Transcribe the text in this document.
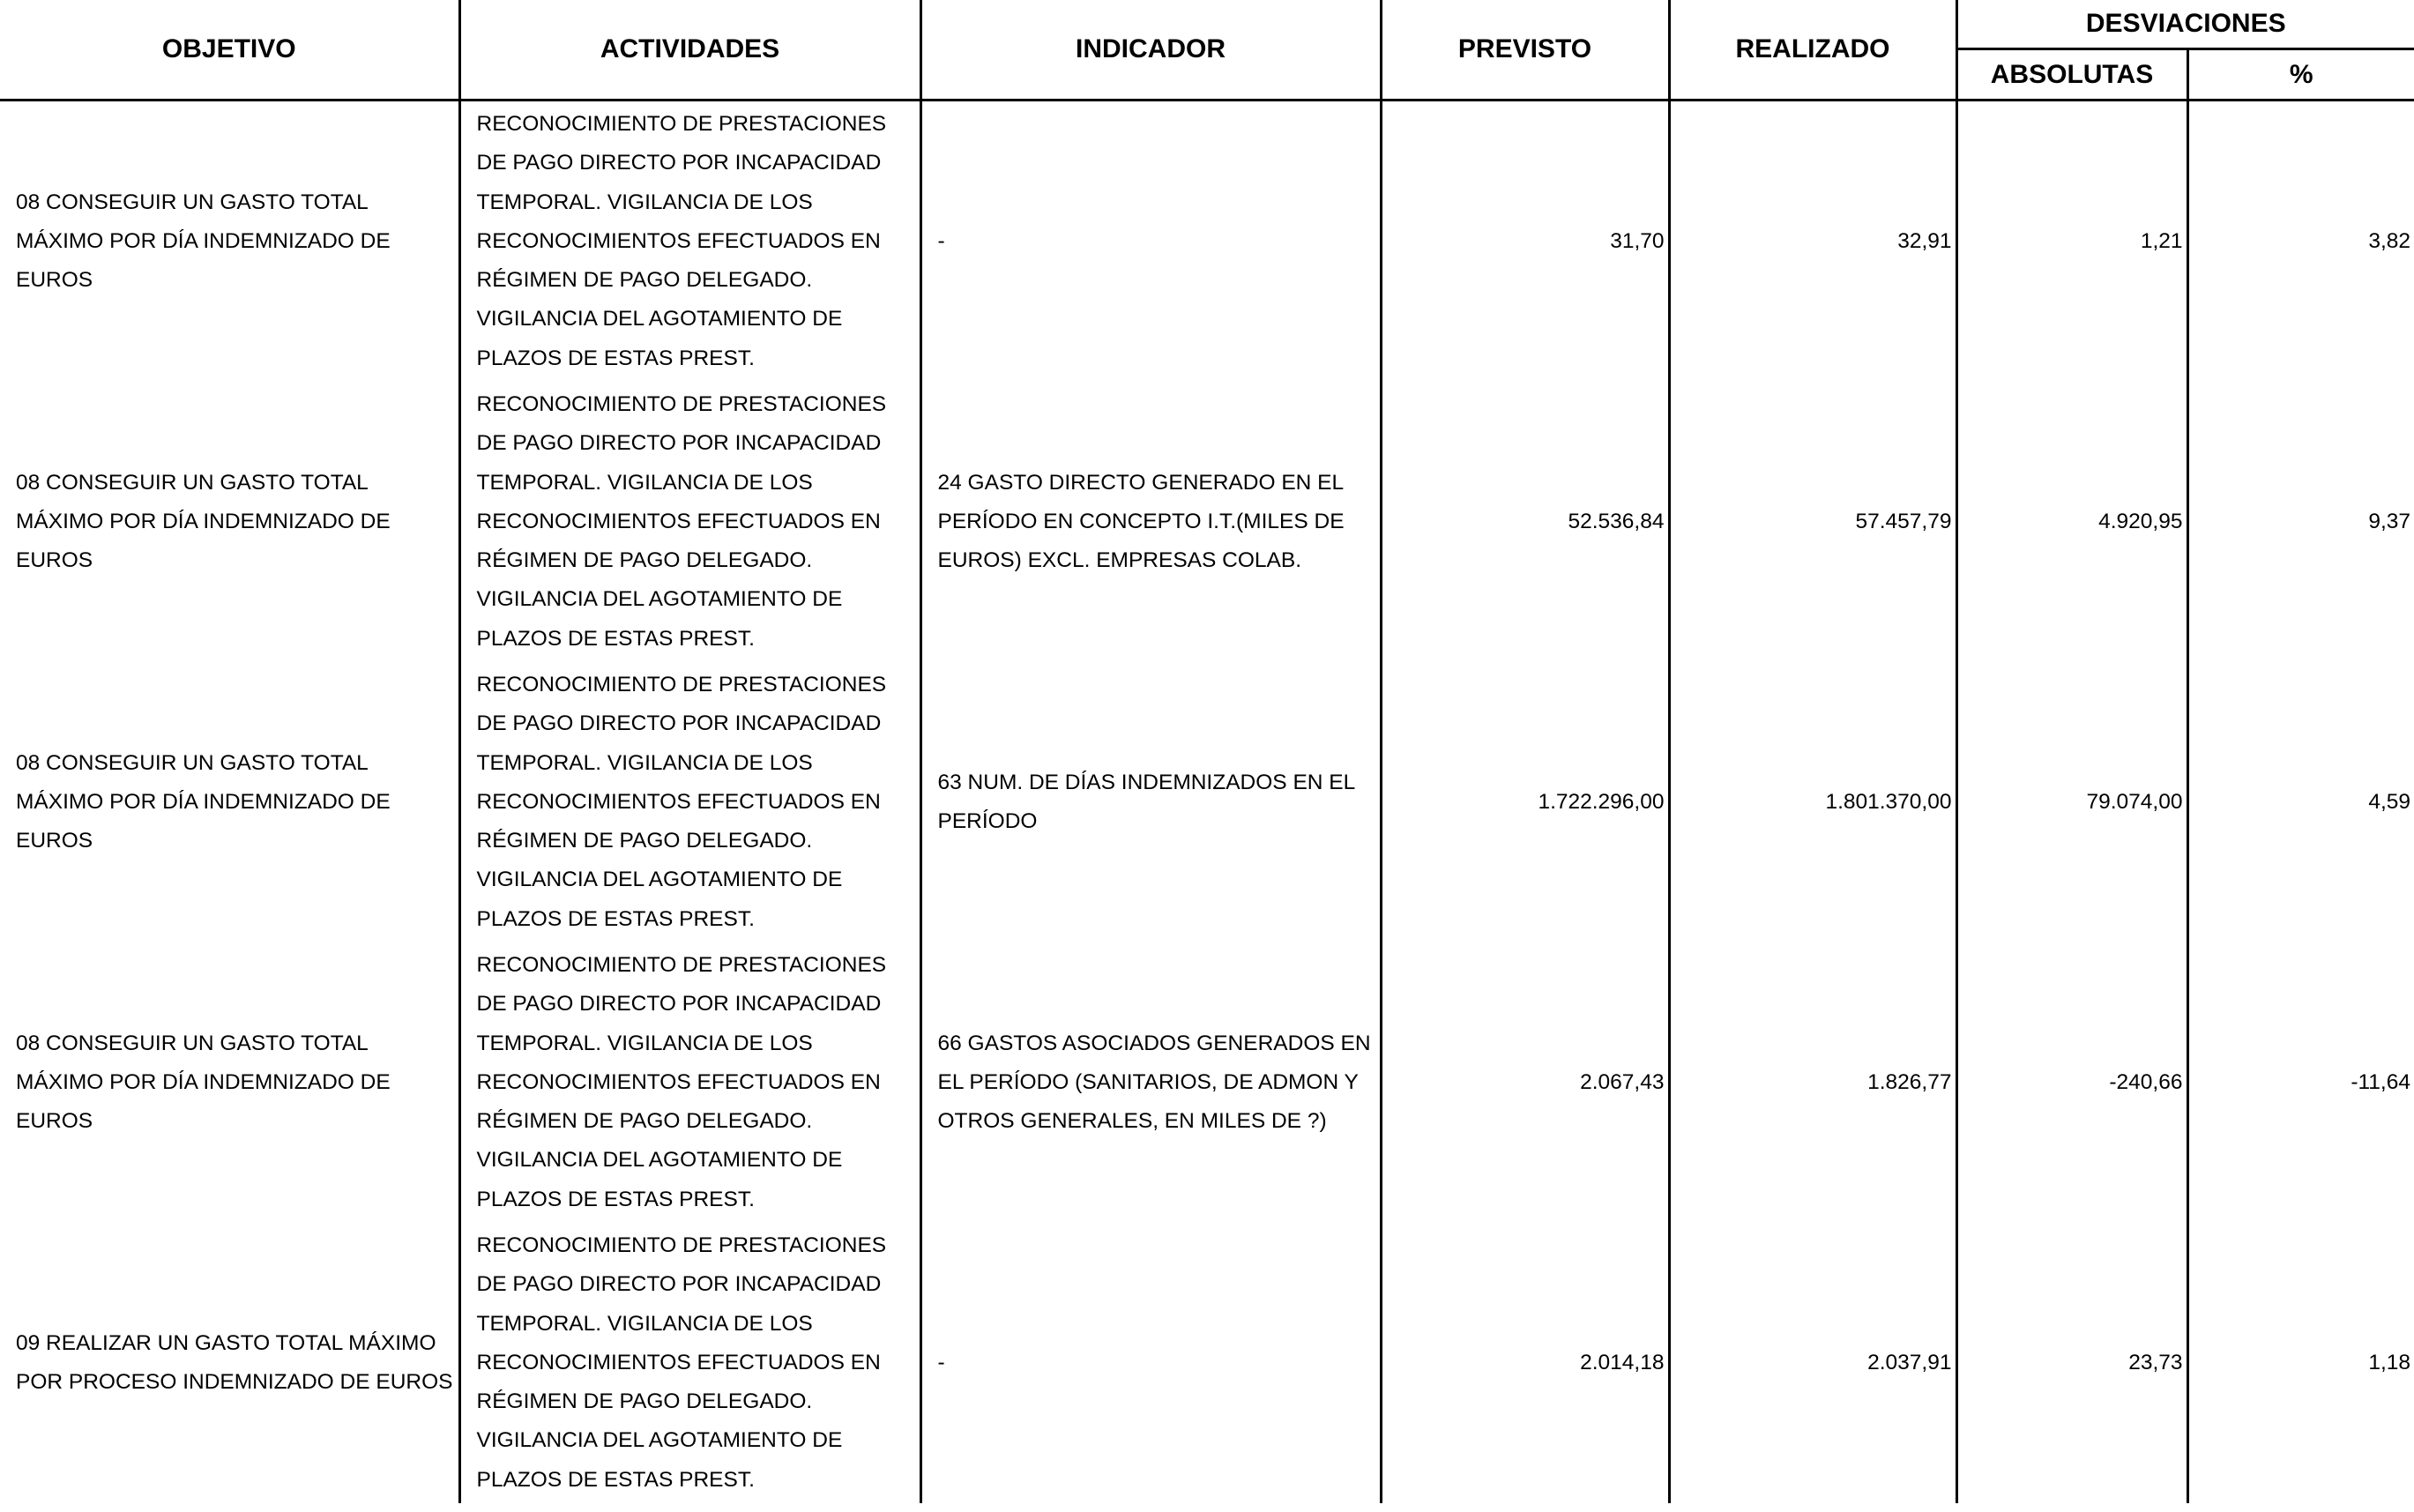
OBJETIVO	ACTIVIDADES	INDICADOR	PREVISTO	REALIZADO	DESVIACIONES	
					ABSOLUTAS	%
08 CONSEGUIR UN GASTO TOTAL MÁXIMO POR DÍA INDEMNIZADO DE EUROS	RECONOCIMIENTO DE PRESTACIONES DE PAGO DIRECTO POR INCAPACIDAD TEMPORAL. VIGILANCIA DE LOS RECONOCIMIENTOS EFECTUADOS EN RÉGIMEN DE PAGO DELEGADO. VIGILANCIA DEL AGOTAMIENTO DE PLAZOS DE ESTAS PREST.	-	31,70	32,91	1,21	3,82
08 CONSEGUIR UN GASTO TOTAL MÁXIMO POR DÍA INDEMNIZADO DE EUROS	RECONOCIMIENTO DE PRESTACIONES DE PAGO DIRECTO POR INCAPACIDAD TEMPORAL. VIGILANCIA DE LOS RECONOCIMIENTOS EFECTUADOS EN RÉGIMEN DE PAGO DELEGADO. VIGILANCIA DEL AGOTAMIENTO DE PLAZOS DE ESTAS PREST.	24 GASTO DIRECTO GENERADO EN EL PERÍODO EN CONCEPTO I.T.(MILES DE EUROS) EXCL. EMPRESAS COLAB.	52.536,84	57.457,79	4.920,95	9,37
08 CONSEGUIR UN GASTO TOTAL MÁXIMO POR DÍA INDEMNIZADO DE EUROS	RECONOCIMIENTO DE PRESTACIONES DE PAGO DIRECTO POR INCAPACIDAD TEMPORAL. VIGILANCIA DE LOS RECONOCIMIENTOS EFECTUADOS EN RÉGIMEN DE PAGO DELEGADO. VIGILANCIA DEL AGOTAMIENTO DE PLAZOS DE ESTAS PREST.	63 NUM. DE DÍAS INDEMNIZADOS EN EL PERÍODO	1.722.296,00	1.801.370,00	79.074,00	4,59
08 CONSEGUIR UN GASTO TOTAL MÁXIMO POR DÍA INDEMNIZADO DE EUROS	RECONOCIMIENTO DE PRESTACIONES DE PAGO DIRECTO POR INCAPACIDAD TEMPORAL. VIGILANCIA DE LOS RECONOCIMIENTOS EFECTUADOS EN RÉGIMEN DE PAGO DELEGADO. VIGILANCIA DEL AGOTAMIENTO DE PLAZOS DE ESTAS PREST.	66 GASTOS ASOCIADOS GENERADOS EN EL PERÍODO (SANITARIOS, DE ADMON Y OTROS GENERALES, EN MILES DE ?)	2.067,43	1.826,77	-240,66	-11,64
09 REALIZAR UN GASTO TOTAL MÁXIMO POR PROCESO INDEMNIZADO DE EUROS	RECONOCIMIENTO DE PRESTACIONES DE PAGO DIRECTO POR INCAPACIDAD TEMPORAL. VIGILANCIA DE LOS RECONOCIMIENTOS EFECTUADOS EN RÉGIMEN DE PAGO DELEGADO. VIGILANCIA DEL AGOTAMIENTO DE PLAZOS DE ESTAS PREST.	-	2.014,18	2.037,91	23,73	1,18
